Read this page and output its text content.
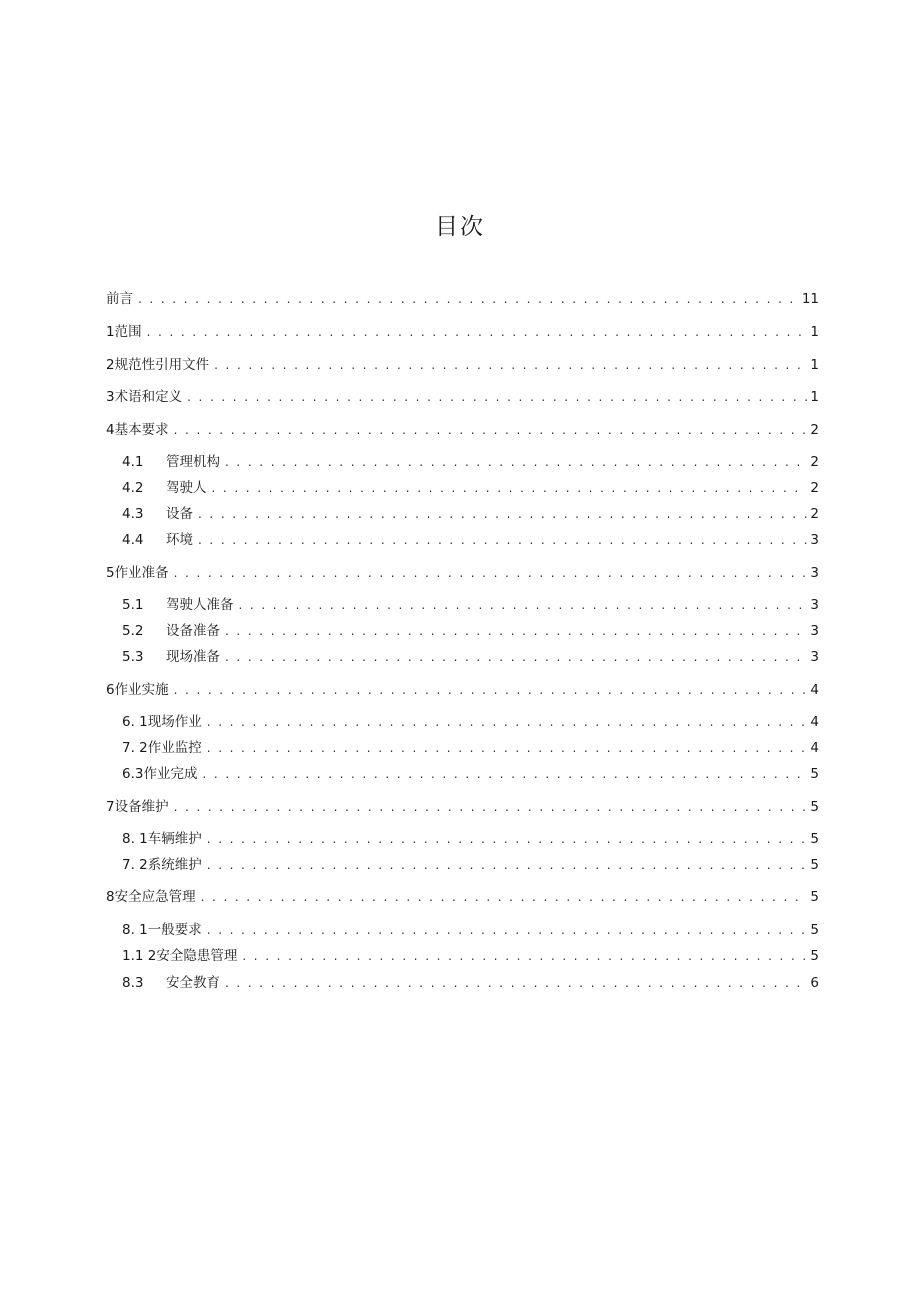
目次
前言 . . .	11
1 范围 . . .	1
2 规范性引用文件 . . .	1
3 术语和定义 . . .	1
4 基本要求 . . .	2
4.1	管理机构 . . .	2
4.2	驾驶人 . . .	2
4.3	设备 . . .	2
4.4	环境 . . .	3
5 作业准备 . . .	3
5.1	驾驶人准备 . . .	3
5.2	设备准备 . . .	3
5.3	现场准备 . . .	3
6 作业实施 . . .	4
6. 1 现场作业 . . .	4
7. 2 作业监控 . . .	4
6.3 作业完成 . . .	5
7 设备维护 . . .	5
8. 1 车辆维护 . . .	5
7. 2 系统维护 . . .	5
8 安全应急管理 . . .	5
8. 1 一般要求 . . .	5
1.1 2 安全隐患管理 . . .	5
8.3	安全教育 . . .	6
